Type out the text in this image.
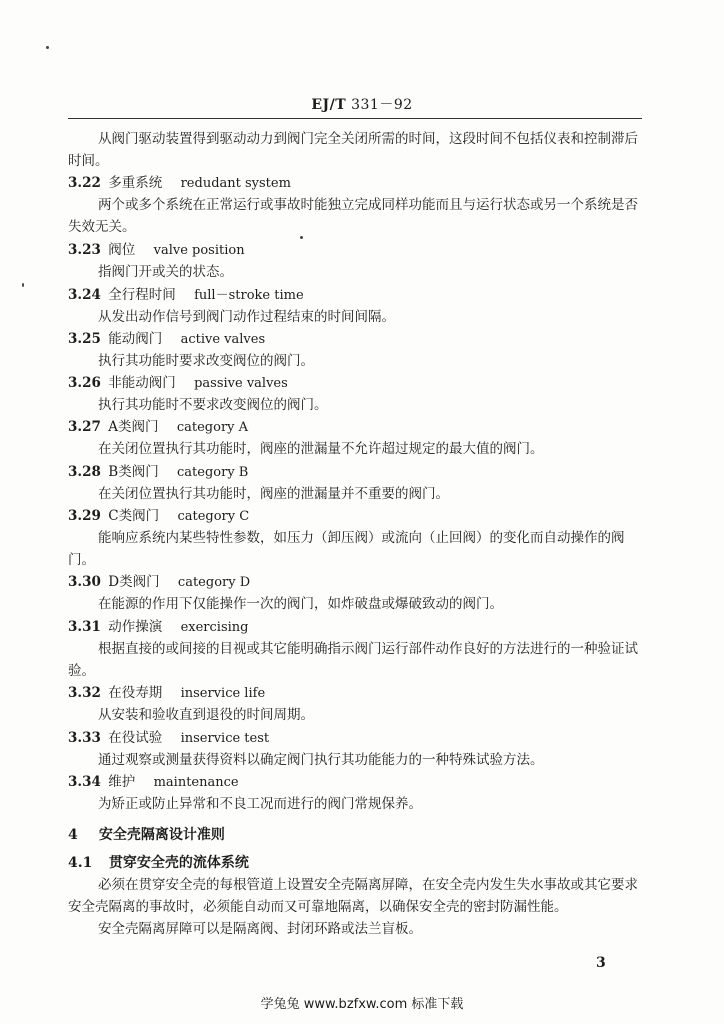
EJ/T 331－92

从阀门驱动装置得到驱动动力到阀门完全关闭所需的时间，这段时间不包括仪表和控制滞后时间。

3.22 多重系统 redudant system

两个或多个系统在正常运行或事故时能独立完成同样功能而且与运行状态或另一个系统是否失效无关。

3.23 阀位 valve position

指阀门开或关的状态。

3.24 全行程时间 full－stroke time

从发出动作信号到阀门动作过程结束的时间间隔。

3.25 能动阀门 active valves

执行其功能时要求改变阀位的阀门。

3.26 非能动阀门 passive valves

执行其功能时不要求改变阀位的阀门。

3.27 A类阀门 category A

在关闭位置执行其功能时，阀座的泄漏量不允许超过规定的最大值的阀门。

3.28 B类阀门 category B

在关闭位置执行其功能时，阀座的泄漏量并不重要的阀门。

3.29 C类阀门 category C

能响应系统内某些特性参数，如压力（卸压阀）或流向（止回阀）的变化而自动操作的阀门。

3.30 D类阀门 category D

在能源的作用下仅能操作一次的阀门，如炸破盘或爆破致动的阀门。

3.31 动作操演 exercising

根据直接的或间接的目视或其它能明确指示阀门运行部件动作良好的方法进行的一种验证试验。

3.32 在役寿期 inservice life

从安装和验收直到退役的时间周期。

3.33 在役试验 inservice test

通过观察或测量获得资料以确定阀门执行其功能能力的一种特殊试验方法。

3.34 维护 maintenance

为矫正或防止异常和不良工况而进行的阀门常规保养。

4 安全壳隔离设计准则
4.1 贯穿安全壳的流体系统

必须在贯穿安全壳的每根管道上设置安全壳隔离屏障，在安全壳内发生失水事故或其它要求安全壳隔离的事故时，必须能自动而又可靠地隔离，以确保安全壳的密封防漏性能。

安全壳隔离屏障可以是隔离阀、封闭环路或法兰盲板。

3
学兔兔 www.bzfxw.com 标准下载
